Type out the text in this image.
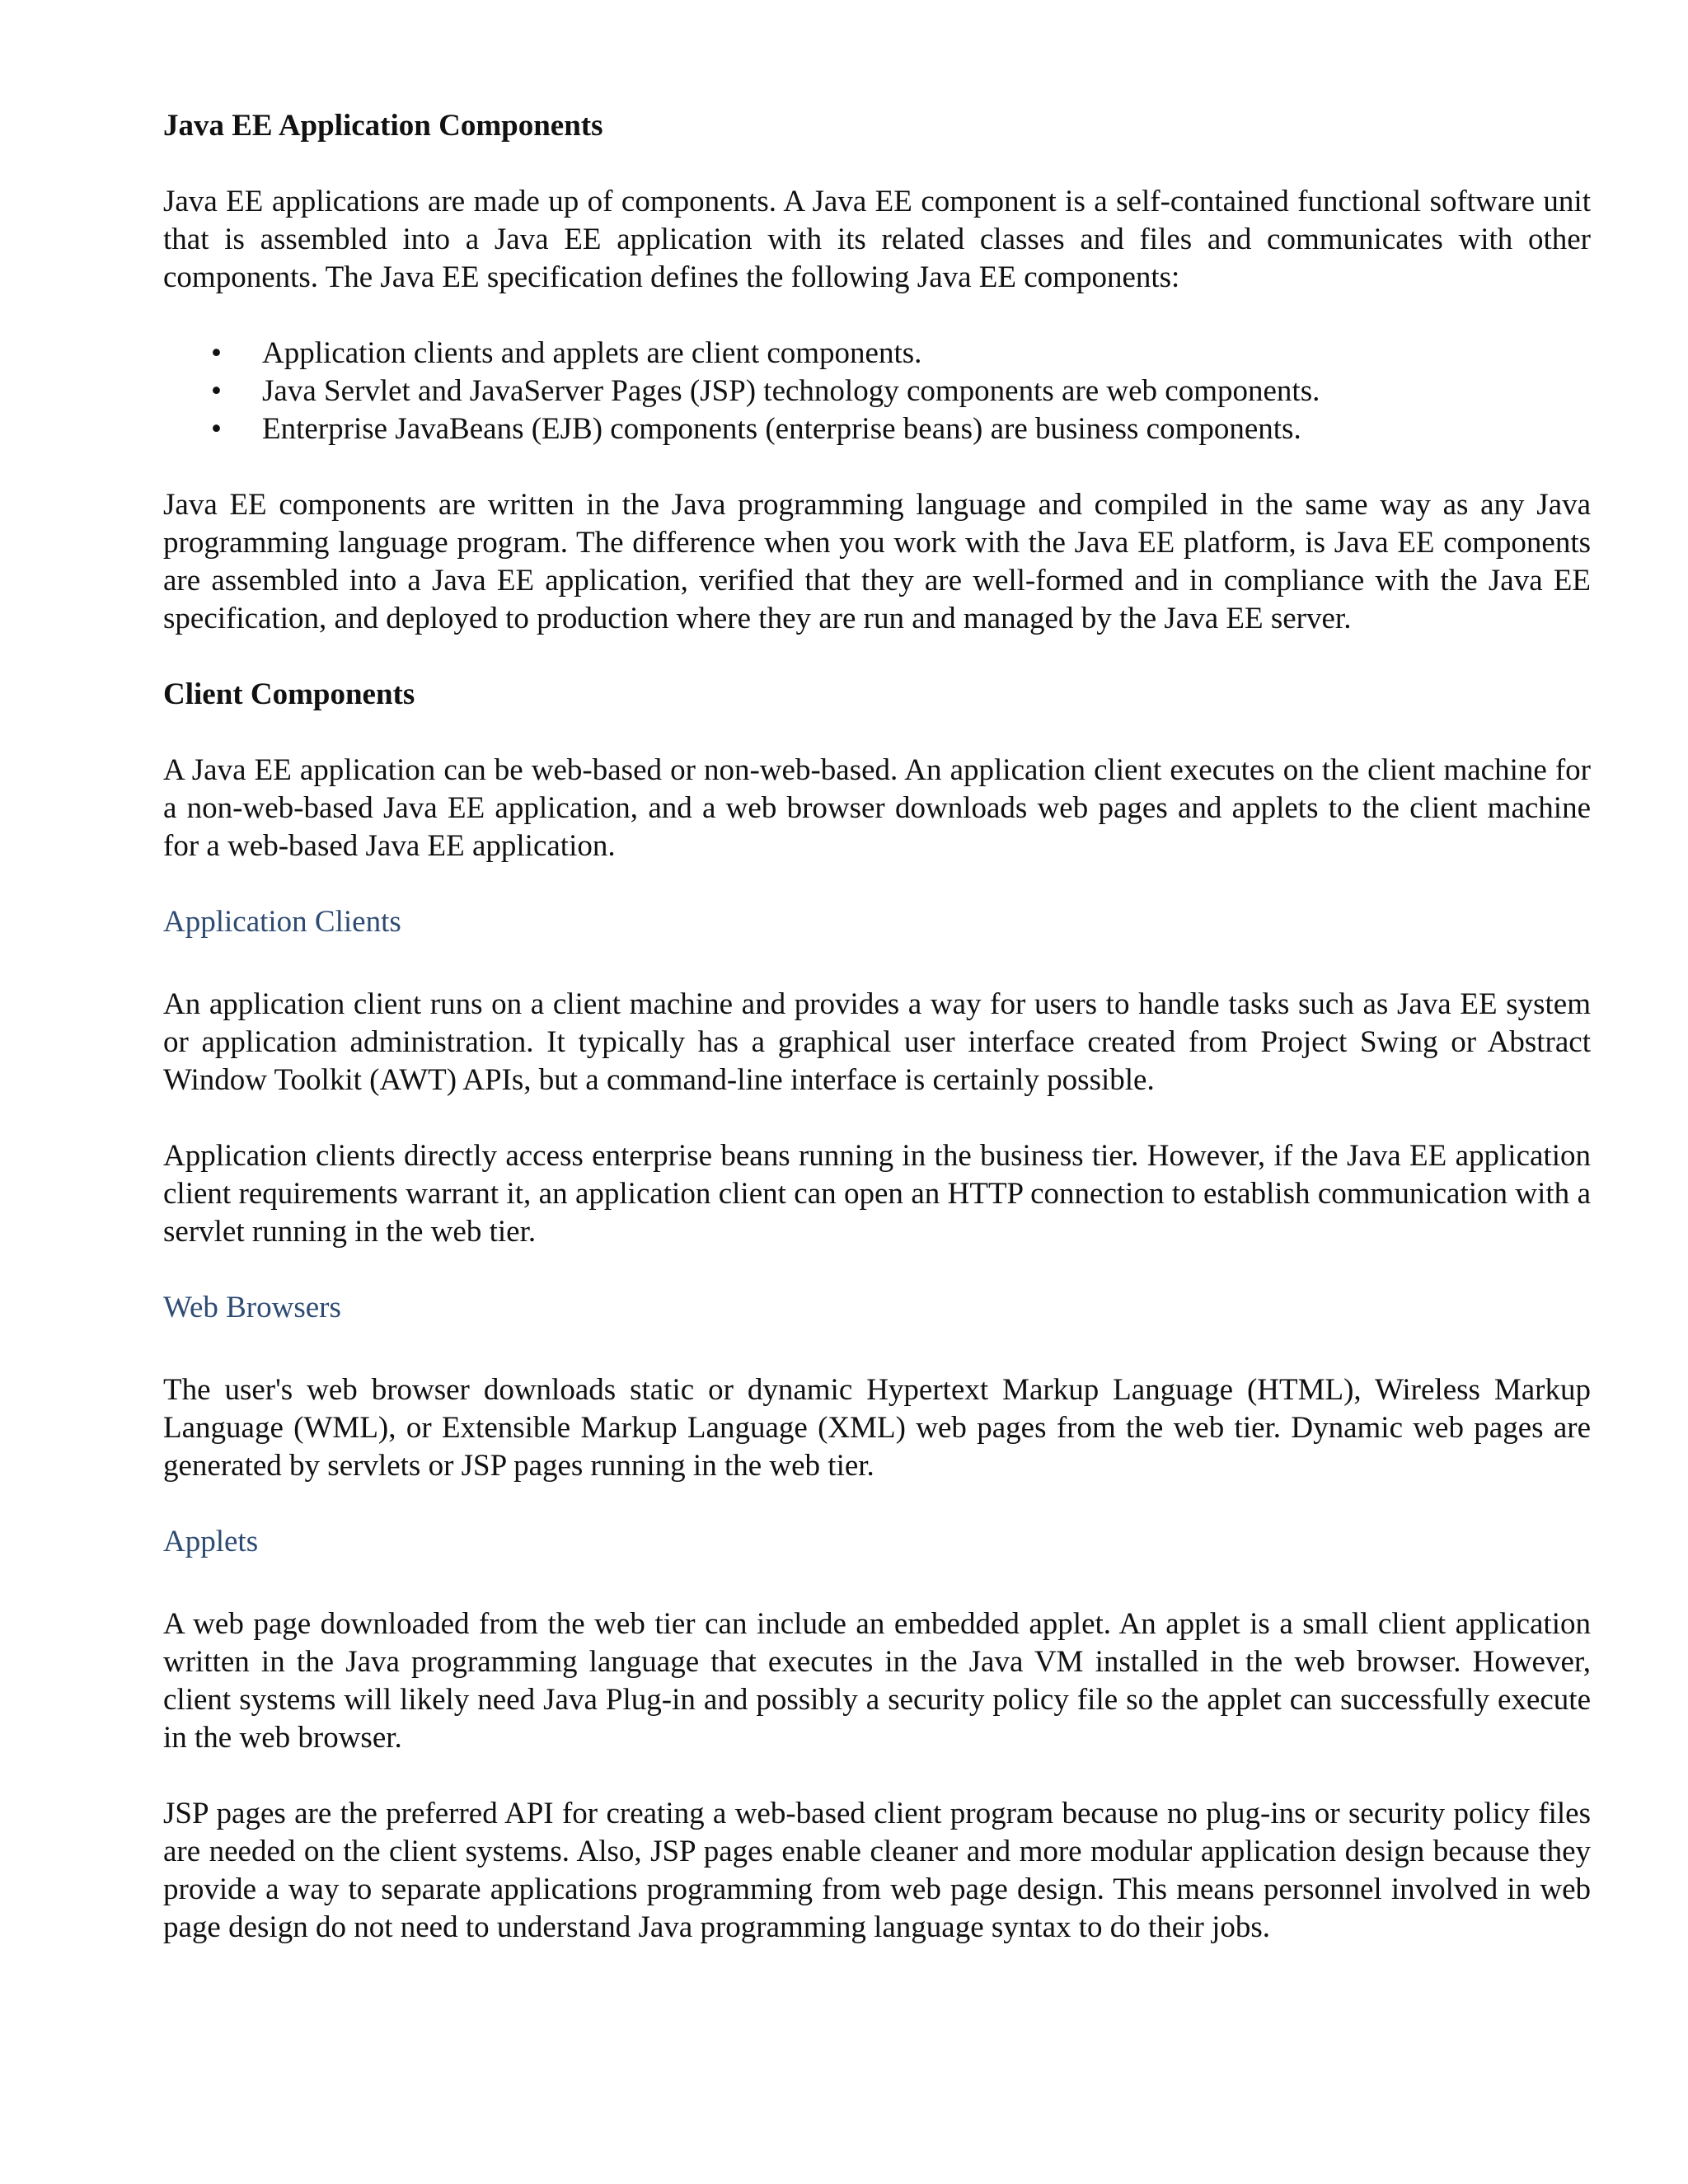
Java EE Application Components

Java EE applications are made up of components. A Java EE component is a self-contained functional software unit that is assembled into a Java EE application with its related classes and files and communicates with other components. The Java EE specification defines the following Java EE components:

• Application clients and applets are client components.
• Java Servlet and JavaServer Pages (JSP) technology components are web components.
• Enterprise JavaBeans (EJB) components (enterprise beans) are business components.

Java EE components are written in the Java programming language and compiled in the same way as any Java programming language program. The difference when you work with the Java EE platform, is Java EE components are assembled into a Java EE application, verified that they are well-formed and in compliance with the Java EE specification, and deployed to production where they are run and managed by the Java EE server.

Client Components

A Java EE application can be web-based or non-web-based. An application client executes on the client machine for a non-web-based Java EE application, and a web browser downloads web pages and applets to the client machine for a web-based Java EE application.

Application Clients

An application client runs on a client machine and provides a way for users to handle tasks such as Java EE system or application administration. It typically has a graphical user interface created from Project Swing or Abstract Window Toolkit (AWT) APIs, but a command-line interface is certainly possible.

Application clients directly access enterprise beans running in the business tier. However, if the Java EE application client requirements warrant it, an application client can open an HTTP connection to establish communication with a servlet running in the web tier.

Web Browsers

The user's web browser downloads static or dynamic Hypertext Markup Language (HTML), Wireless Markup Language (WML), or Extensible Markup Language (XML) web pages from the web tier. Dynamic web pages are generated by servlets or JSP pages running in the web tier.

Applets

A web page downloaded from the web tier can include an embedded applet. An applet is a small client application written in the Java programming language that executes in the Java VM installed in the web browser. However, client systems will likely need Java Plug-in and possibly a security policy file so the applet can successfully execute in the web browser.

JSP pages are the preferred API for creating a web-based client program because no plug-ins or security policy files are needed on the client systems. Also, JSP pages enable cleaner and more modular application design because they provide a way to separate applications programming from web page design. This means personnel involved in web page design do not need to understand Java programming language syntax to do their jobs.
